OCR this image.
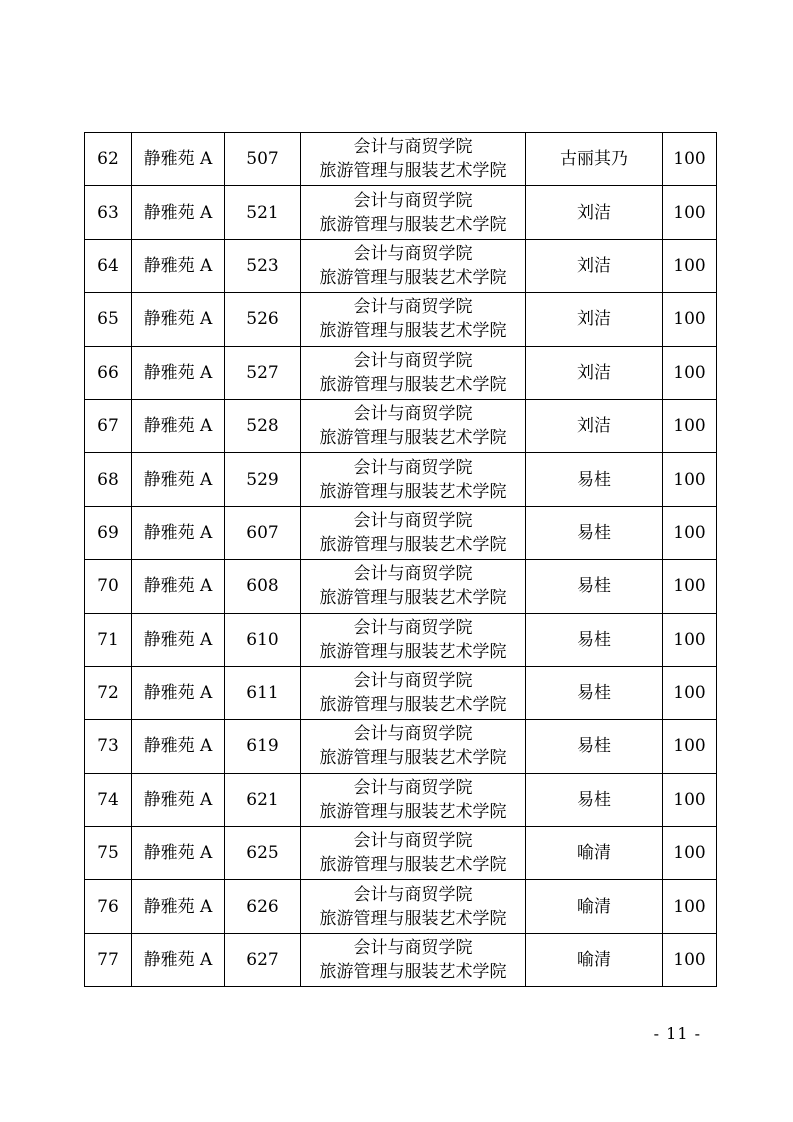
62	静雅苑 A	507	会计与商贸学院
旅游管理与服装艺术学院	古丽其乃	100
63	静雅苑 A	521	会计与商贸学院
旅游管理与服装艺术学院	刘洁	100
64	静雅苑 A	523	会计与商贸学院
旅游管理与服装艺术学院	刘洁	100
65	静雅苑 A	526	会计与商贸学院
旅游管理与服装艺术学院	刘洁	100
66	静雅苑 A	527	会计与商贸学院
旅游管理与服装艺术学院	刘洁	100
67	静雅苑 A	528	会计与商贸学院
旅游管理与服装艺术学院	刘洁	100
68	静雅苑 A	529	会计与商贸学院
旅游管理与服装艺术学院	易桂	100
69	静雅苑 A	607	会计与商贸学院
旅游管理与服装艺术学院	易桂	100
70	静雅苑 A	608	会计与商贸学院
旅游管理与服装艺术学院	易桂	100
71	静雅苑 A	610	会计与商贸学院
旅游管理与服装艺术学院	易桂	100
72	静雅苑 A	611	会计与商贸学院
旅游管理与服装艺术学院	易桂	100
73	静雅苑 A	619	会计与商贸学院
旅游管理与服装艺术学院	易桂	100
74	静雅苑 A	621	会计与商贸学院
旅游管理与服装艺术学院	易桂	100
75	静雅苑 A	625	会计与商贸学院
旅游管理与服装艺术学院	喻清	100
76	静雅苑 A	626	会计与商贸学院
旅游管理与服装艺术学院	喻清	100
77	静雅苑 A	627	会计与商贸学院
旅游管理与服装艺术学院	喻清	100
- 11 -
